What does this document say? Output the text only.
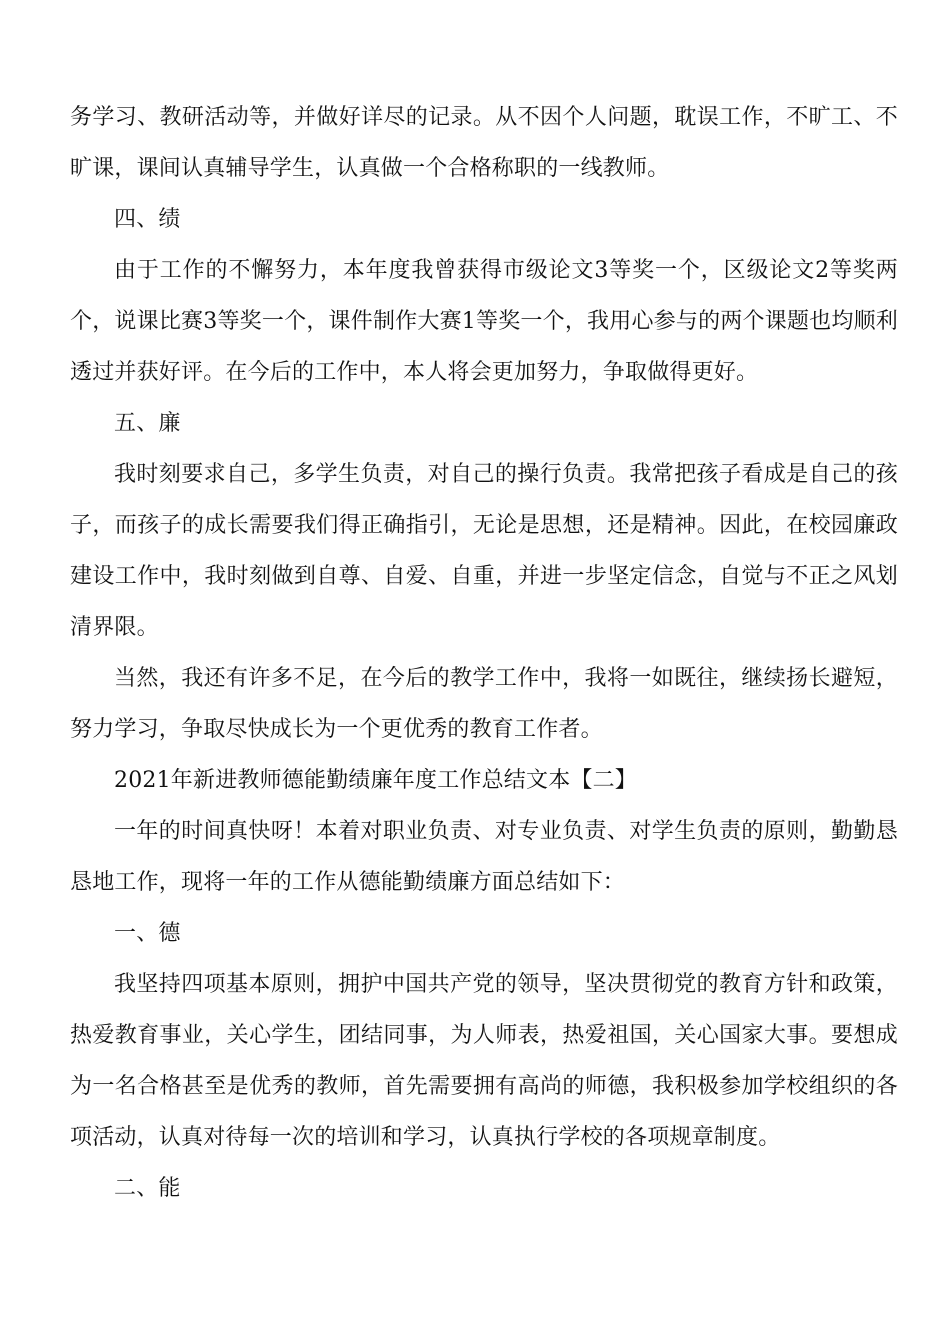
务学习、教研活动等，并做好详尽的记录。从不因个人问题，耽误工作，不旷工、不旷课，课间认真辅导学生，认真做一个合格称职的一线教师。

四、绩

由于工作的不懈努力，本年度我曾获得市级论文3等奖一个，区级论文2等奖两个，说课比赛3等奖一个，课件制作大赛1等奖一个，我用心参与的两个课题也均顺利透过并获好评。在今后的工作中，本人将会更加努力，争取做得更好。

五、廉

我时刻要求自己，多学生负责，对自己的操行负责。我常把孩子看成是自己的孩子，而孩子的成长需要我们得正确指引，无论是思想，还是精神。因此，在校园廉政建设工作中，我时刻做到自尊、自爱、自重，并进一步坚定信念，自觉与不正之风划清界限。

当然，我还有许多不足，在今后的教学工作中，我将一如既往，继续扬长避短，努力学习，争取尽快成长为一个更优秀的教育工作者。

2021年新进教师德能勤绩廉年度工作总结文本【二】

一年的时间真快呀！本着对职业负责、对专业负责、对学生负责的原则，勤勤恳恳地工作，现将一年的工作从德能勤绩廉方面总结如下：

一、德

我坚持四项基本原则，拥护中国共产党的领导，坚决贯彻党的教育方针和政策，热爱教育事业，关心学生，团结同事，为人师表，热爱祖国，关心国家大事。要想成为一名合格甚至是优秀的教师，首先需要拥有高尚的师德，我积极参加学校组织的各项活动，认真对待每一次的培训和学习，认真执行学校的各项规章制度。

二、能
